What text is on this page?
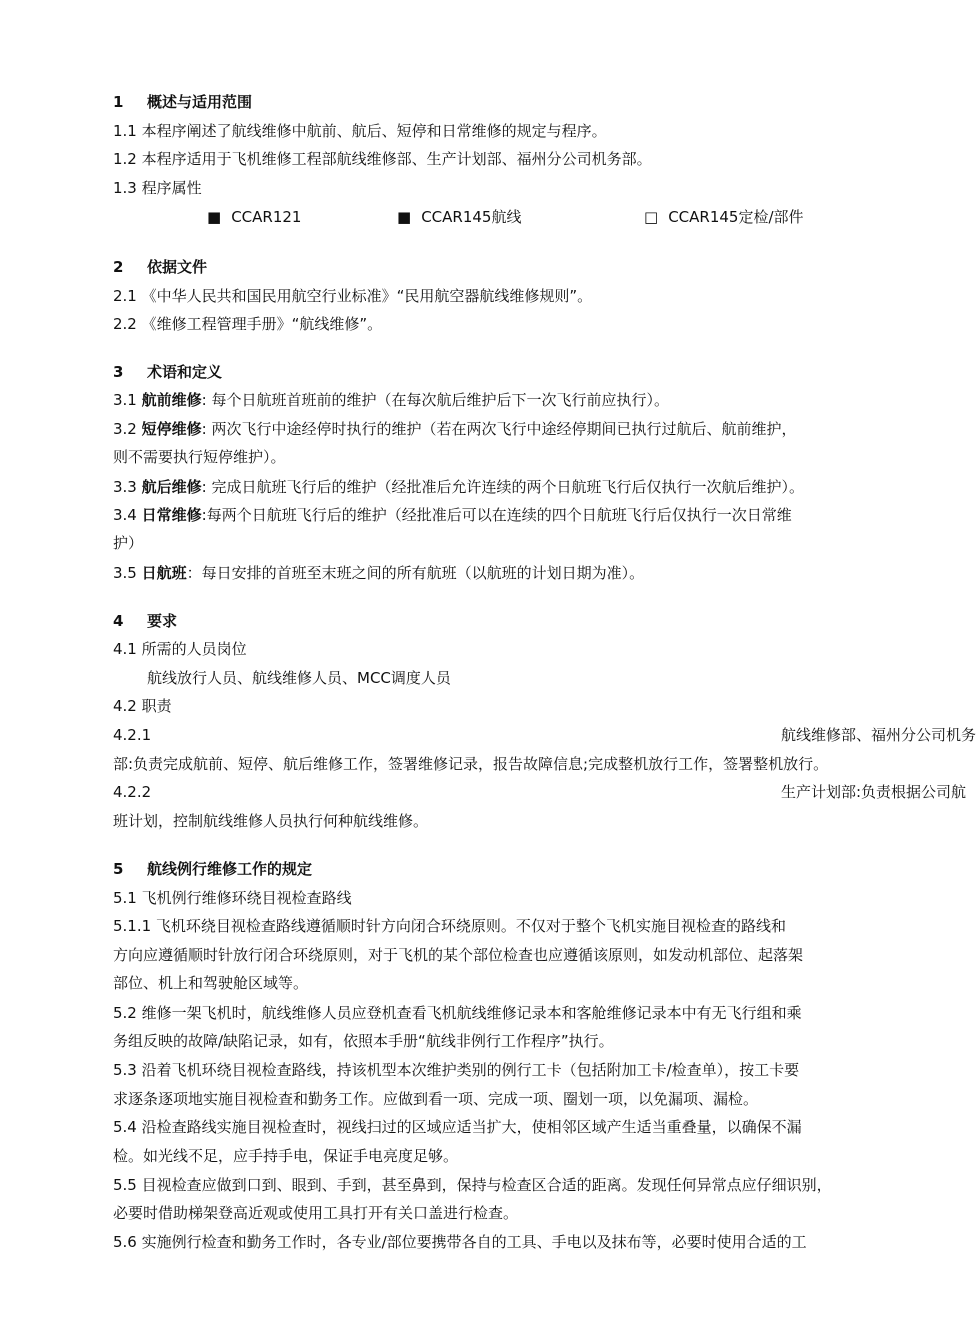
1 概述与适用范围
1.1 本程序阐述了航线维修中航前、航后、短停和日常维修的规定与程序。
1.2 本程序适用于飞机维修工程部航线维修部、生产计划部、福州分公司机务部。
1.3 程序属性
■ CCAR121	■ CCAR145航线	□ CCAR145定检/部件
2 依据文件
2.1 《中华人民共和国民用航空行业标准》“民用航空器航线维修规则”。
2.2 《维修工程管理手册》“航线维修”。
3 术语和定义
3.1 航前维修: 每个日航班首班前的维护（在每次航后维护后下一次飞行前应执行）。
3.2 短停维修: 两次飞行中途经停时执行的维护（若在两次飞行中途经停期间已执行过航后、航前维护，
则不需要执行短停维护）。
3.3 航后维修: 完成日航班飞行后的维护（经批准后允许连续的两个日航班飞行后仅执行一次航后维护）。
3.4 日常维修:每两个日航班飞行后的维护（经批准后可以在连续的四个日航班飞行后仅执行一次日常维
护）
3.5 日航班：每日安排的首班至末班之间的所有航班（以航班的计划日期为准）。
4 要求
4.1 所需的人员岗位
航线放行人员、航线维修人员、MCC调度人员
4.2 职责
4.2.1	航线维修部、福州分公司机务
部:负责完成航前、短停、航后维修工作，签署维修记录，报告故障信息;完成整机放行工作，签署整机放行。
4.2.2	生产计划部:负责根据公司航
班计划，控制航线维修人员执行何种航线维修。
5 航线例行维修工作的规定
5.1 飞机例行维修环绕目视检查路线
5.1.1 飞机环绕目视检查路线遵循顺时针方向闭合环绕原则。不仅对于整个飞机实施目视检查的路线和
方向应遵循顺时针放行闭合环绕原则，对于飞机的某个部位检查也应遵循该原则，如发动机部位、起落架
部位、机上和驾驶舱区域等。
5.2 维修一架飞机时，航线维修人员应登机查看飞机航线维修记录本和客舱维修记录本中有无飞行组和乘
务组反映的故障/缺陷记录，如有，依照本手册“航线非例行工作程序”执行。
5.3 沿着飞机环绕目视检查路线，持该机型本次维护类别的例行工卡（包括附加工卡/检查单），按工卡要
求逐条逐项地实施目视检查和勤务工作。应做到看一项、完成一项、圈划一项，以免漏项、漏检。
5.4 沿检查路线实施目视检查时，视线扫过的区域应适当扩大，使相邻区域产生适当重叠量，以确保不漏
检。如光线不足，应手持手电，保证手电亮度足够。
5.5 目视检查应做到口到、眼到、手到，甚至鼻到，保持与检查区合适的距离。发现任何异常点应仔细识别，
必要时借助梯架登高近观或使用工具打开有关口盖进行检查。
5.6 实施例行检查和勤务工作时，各专业/部位要携带各自的工具、手电以及抹布等，必要时使用合适的工
